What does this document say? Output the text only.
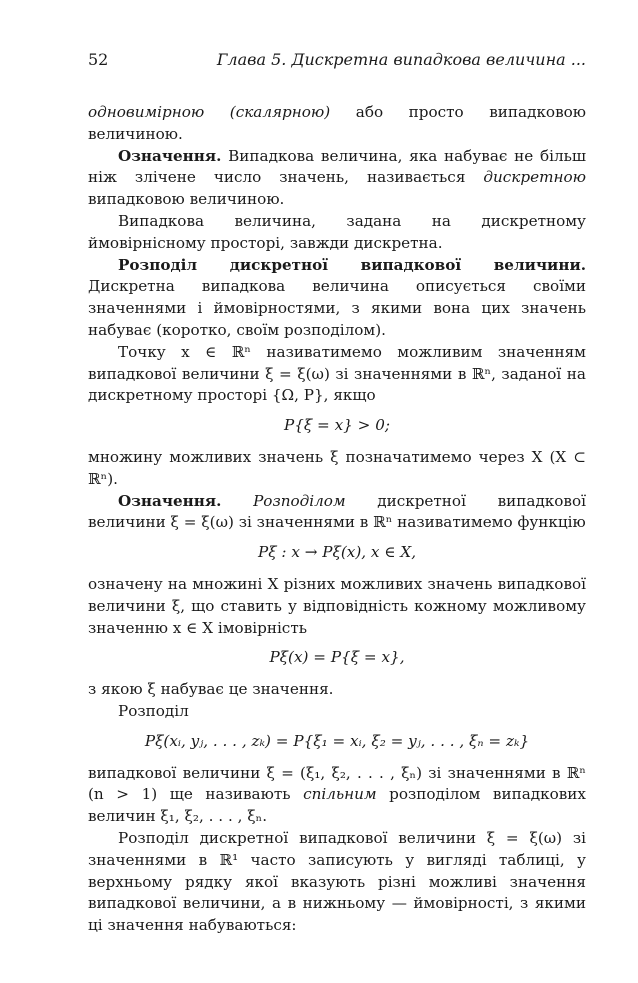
52	Глава 5. Дискретна випадкова величина ...

одновимірною (скалярною) або просто випадковою величиною.

Означення. Випадкова величина, яка набуває не більш ніж злічене число значень, називається дискретною випадковою величиною.

Випадкова величина, задана на дискретному ймовірнісному просторі, завжди дискретна.

Розподіл дискретної випадкової величини. Дискретна випадкова величина описується своїми значеннями і ймовірностями, з якими вона цих значень набуває (коротко, своїм розподілом).

Точку x ∈ ℝⁿ називатимемо можливим значенням випадкової величини ξ = ξ(ω) зі значеннями в ℝⁿ, заданої на дискретному просторі {Ω, P}, якщо

P{ξ = x} > 0;

множину можливих значень ξ позначатимемо через X (X ⊂ ℝⁿ).

Означення. Розподілом дискретної випадкової величини ξ = ξ(ω) зі значеннями в ℝⁿ називатимемо функцію

Pξ : x → Pξ(x), x ∈ X,

означену на множині X різних можливих значень випадкової величини ξ, що ставить у відповідність кожному можливому значенню x ∈ X імовірність

Pξ(x) = P{ξ = x},

з якою ξ набуває це значення.

Розподіл

Pξ(xᵢ, yⱼ, . . . , zₖ) = P{ξ₁ = xᵢ, ξ₂ = yⱼ, . . . , ξₙ = zₖ}

випадкової величини ξ = (ξ₁, ξ₂, . . . , ξₙ) зі значеннями в ℝⁿ (n > 1) ще називають спільним розподілом випадкових величин ξ₁, ξ₂, . . . , ξₙ.

Розподіл дискретної випадкової величини ξ = ξ(ω) зі значеннями в ℝ¹ часто записують у вигляді таблиці, у верхньому рядку якої вказують різні можливі значення випадкової величини, а в нижньому — ймовірності, з якими ці значення набуваються:
